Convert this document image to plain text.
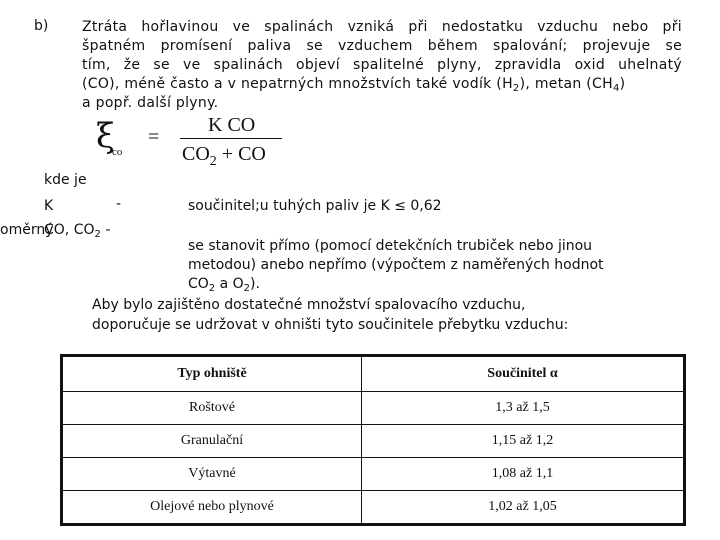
b) Ztráta hořlavinou ve spalinách vzniká při nedostatku vzduchu nebo při
špatném promísení paliva se vzduchem během spalování; projevuje se
tím, že se ve spalinách objeví spalitelné plyny, zpravidla oxid uhelnatý
(CO), méně často a v nepatrných množstvích také vodík $(H_2)$, metan $(CH_4)$
a popř. další plyny.
ξ
co
=
K CO
$CO_2$ + CO
kde je
K	-	součinitel;u tuhých paliv je K ≤ 0,62
oměrný
CO, $CO_2$ -
se stanovit přímo (pomocí detekčních trubiček nebo jinou
metodou) anebo nepřímo (výpočtem z naměřených hodnot
$CO_2$ a $O_2$).
Aby bylo zajištěno dostatečné množství spalovacího vzduchu,
doporučuje se udržovat v ohništi tyto součinitele přebytku vzduchu:
Typ ohniště	Součinitel α
Roštové	1,3 až 1,5
Granulační	1,15 až 1,2
Výtavné	1,08 až 1,1
Olejové nebo plynové	1,02 až 1,05
